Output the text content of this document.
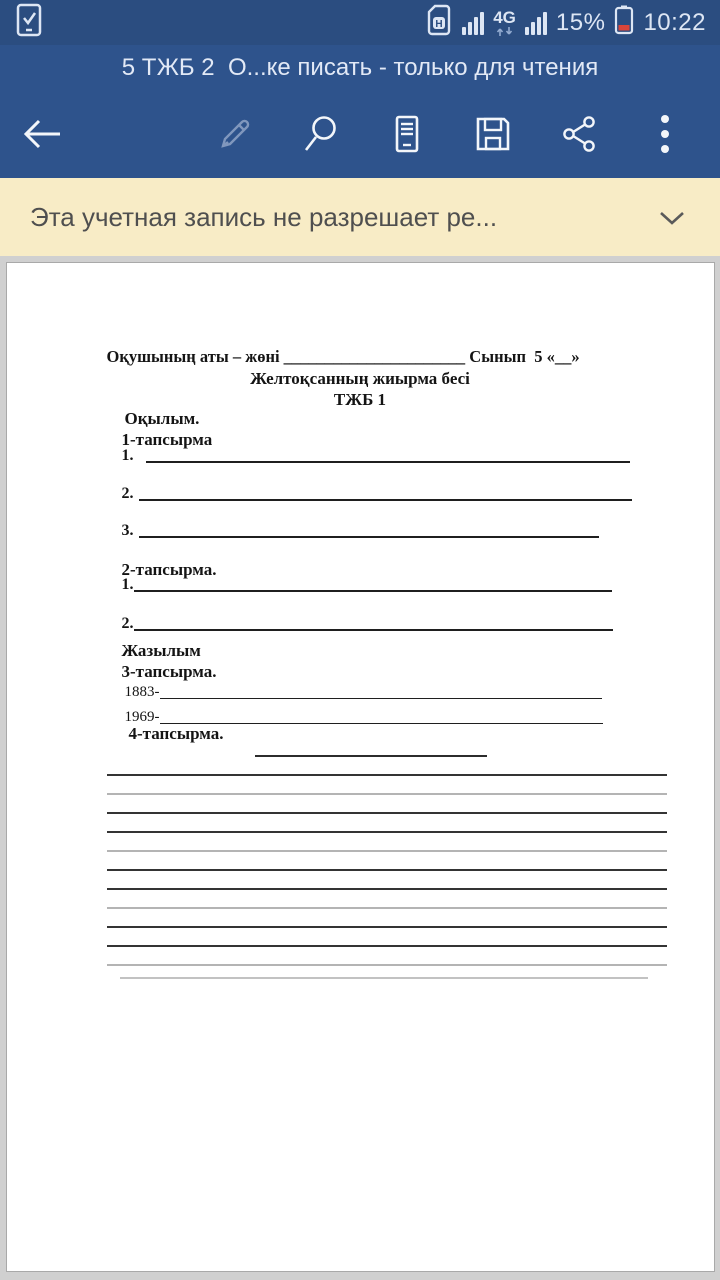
H	4G 15% 10:22
5 ТЖБ 2  О...ке писать - только для чтения
Эта учетная запись не разрешает ре...
Оқушының аты – жөні ______________________ Сынып  5 «__»
Желтоқсанның жиырма бесі
ТЖБ 1
Оқылым.
1-тапсырма
1.
2.
3.
2-тапсырма.
1.
2.
Жазылым
3-тапсырма.
1883-
1969-
4-тапсырма.
